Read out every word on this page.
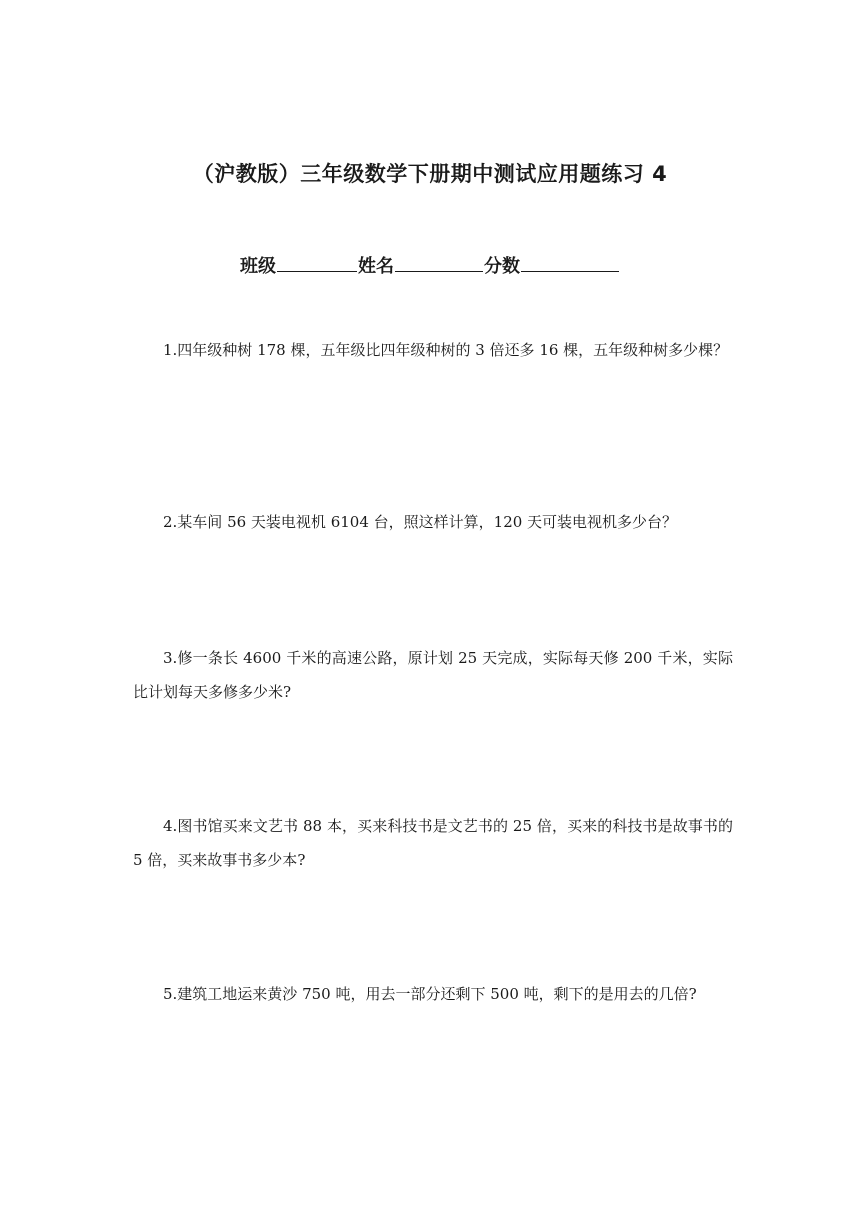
（沪教版）三年级数学下册期中测试应用题练习 4
班级	姓名	分数

1.四年级种树 178 棵，五年级比四年级种树的 3 倍还多 16 棵，五年级种树多少棵？

2.某车间 56 天装电视机 6104 台，照这样计算，120 天可装电视机多少台？

3.修一条长 4600 千米的高速公路，原计划 25 天完成，实际每天修 200 千米，实际比计划每天多修多少米?

4.图书馆买来文艺书 88 本，买来科技书是文艺书的 25 倍，买来的科技书是故事书的 5 倍，买来故事书多少本?

5.建筑工地运来黄沙 750 吨，用去一部分还剩下 500 吨，剩下的是用去的几倍?
